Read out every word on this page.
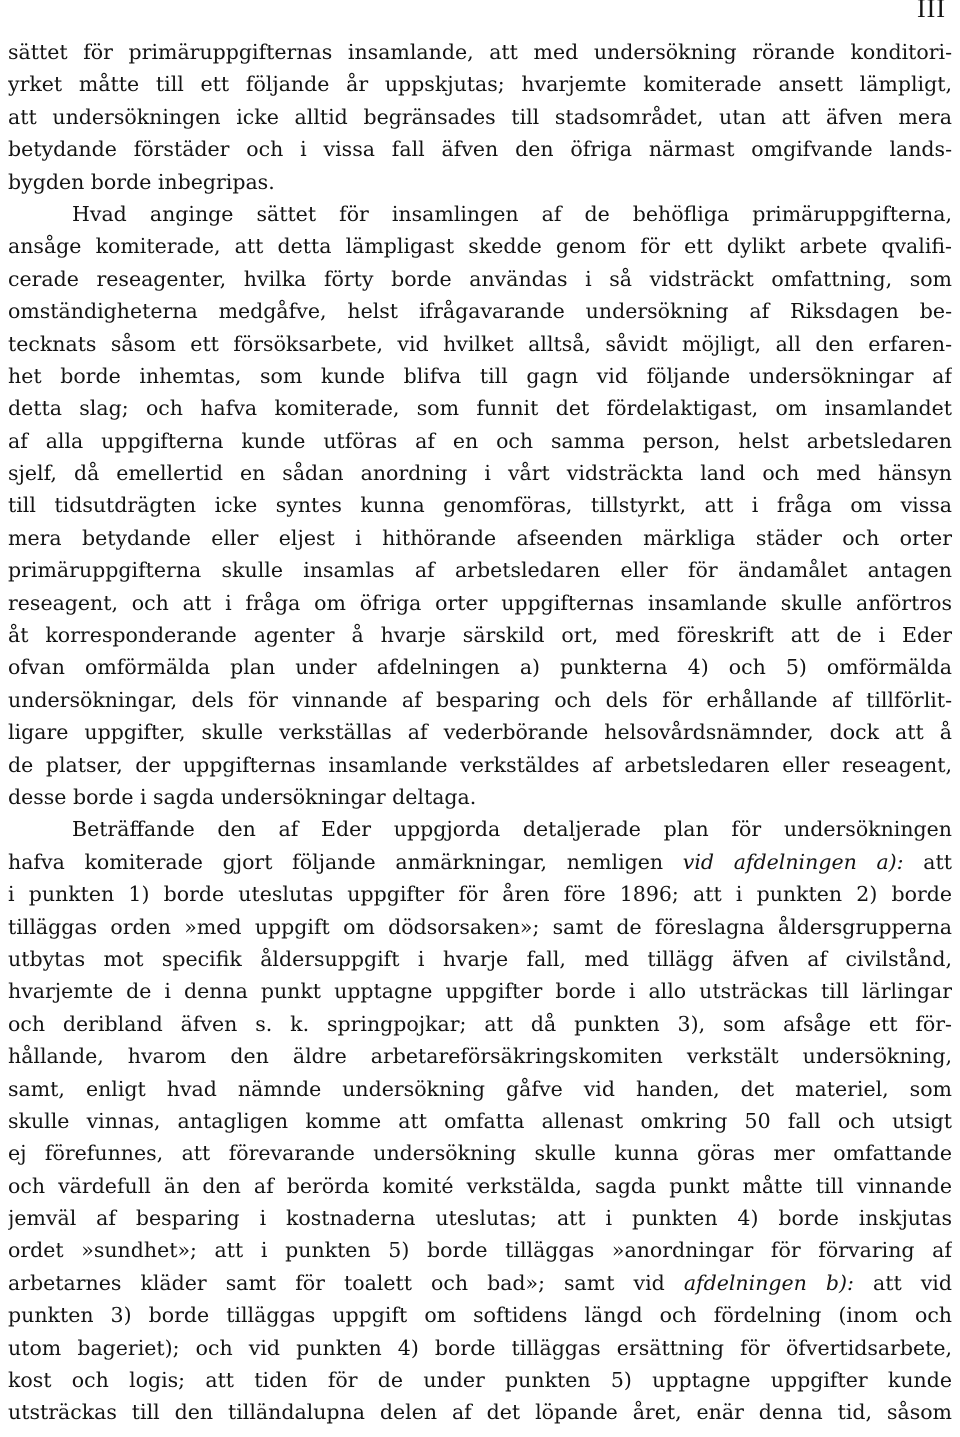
III
sättet för primäruppgifternas insamlande, att med undersökning rörande konditori-
yrket måtte till ett följande år uppskjutas; hvarjemte komiterade ansett lämpligt,
att undersökningen icke alltid begränsades till stadsområdet, utan att äfven mera
betydande förstäder och i vissa fall äfven den öfriga närmast omgifvande lands-
bygden borde inbegripas.
Hvad anginge sättet för insamlingen af de behöfliga primäruppgifterna,
ansåge komiterade, att detta lämpligast skedde genom för ett dylikt arbete qvalifi-
cerade reseagenter, hvilka förty borde användas i så vidsträckt omfattning, som
omständigheterna medgåfve, helst ifrågavarande undersökning af Riksdagen be-
tecknats såsom ett försöksarbete, vid hvilket alltså, såvidt möjligt, all den erfaren-
het borde inhemtas, som kunde blifva till gagn vid följande undersökningar af
detta slag; och hafva komiterade, som funnit det fördelaktigast, om insamlandet
af alla uppgifterna kunde utföras af en och samma person, helst arbetsledaren
sjelf, då emellertid en sådan anordning i vårt vidsträckta land och med hänsyn
till tidsutdrägten icke syntes kunna genomföras, tillstyrkt, att i fråga om vissa
mera betydande eller eljest i hithörande afseenden märkliga städer och orter
primäruppgifterna skulle insamlas af arbetsledaren eller för ändamålet antagen
reseagent, och att i fråga om öfriga orter uppgifternas insamlande skulle anförtros
åt korresponderande agenter å hvarje särskild ort, med föreskrift att de i Eder
ofvan omförmälda plan under afdelningen a) punkterna 4) och 5) omförmälda
undersökningar, dels för vinnande af besparing och dels för erhållande af tillförlit-
ligare uppgifter, skulle verkställas af vederbörande helsovårdsnämnder, dock att å
de platser, der uppgifternas insamlande verkstäldes af arbetsledaren eller reseagent,
desse borde i sagda undersökningar deltaga.
Beträffande den af Eder uppgjorda detaljerade plan för undersökningen
hafva komiterade gjort följande anmärkningar, nemligen vid afdelningen a): att
i punkten 1) borde uteslutas uppgifter för åren före 1896; att i punkten 2) borde
tilläggas orden »med uppgift om dödsorsaken»; samt de föreslagna åldersgrupperna
utbytas mot specifik åldersuppgift i hvarje fall, med tillägg äfven af civilstånd,
hvarjemte de i denna punkt upptagne uppgifter borde i allo utsträckas till lärlingar
och deribland äfven s. k. springpojkar; att då punkten 3), som afsåge ett för-
hållande, hvarom den äldre arbetareförsäkringskomiten verkstält undersökning,
samt, enligt hvad nämnde undersökning gåfve vid handen, det materiel, som
skulle vinnas, antagligen komme att omfatta allenast omkring 50 fall och utsigt
ej förefunnes, att förevarande undersökning skulle kunna göras mer omfattande
och värdefull än den af berörda komité verkstälda, sagda punkt måtte till vinnande
jemväl af besparing i kostnaderna uteslutas; att i punkten 4) borde inskjutas
ordet »sundhet»; att i punkten 5) borde tilläggas »anordningar för förvaring af
arbetarnes kläder samt för toalett och bad»; samt vid afdelningen b): att vid
punkten 3) borde tilläggas uppgift om softidens längd och fördelning (inom och
utom bageriet); och vid punkten 4) borde tilläggas ersättning för öfvertidsarbete,
kost och logis; att tiden för de under punkten 5) upptagne uppgifter kunde
utsträckas till den tilländalupna delen af det löpande året, enär denna tid, såsom
